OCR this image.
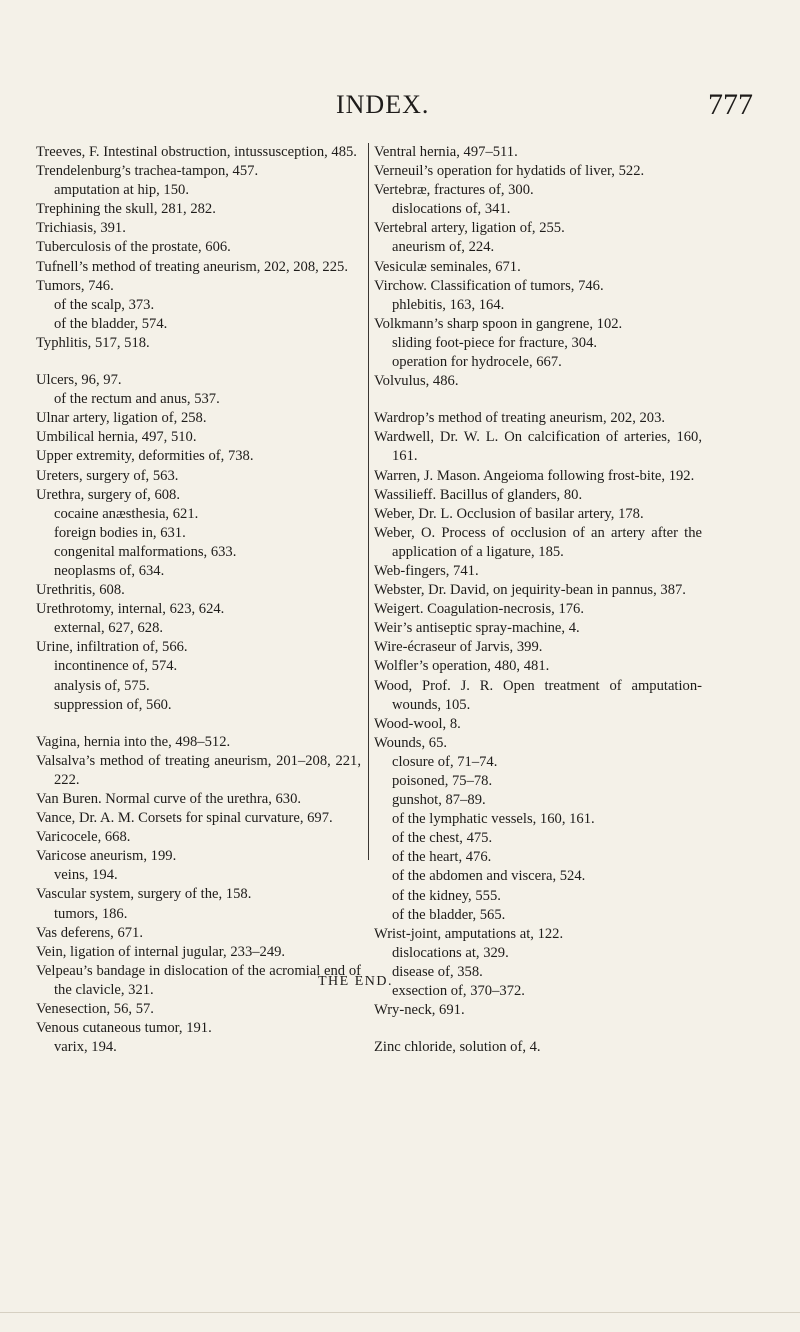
INDEX.	777
Treeves, F. Intestinal obstruction, intussusception, 485.
Trendelenburg’s trachea-tampon, 457.
amputation at hip, 150.
Trephining the skull, 281, 282.
Trichiasis, 391.
Tuberculosis of the prostate, 606.
Tufnell’s method of treating aneurism, 202, 208, 225.
Tumors, 746.
of the scalp, 373.
of the bladder, 574.
Typhlitis, 517, 518.
Ulcers, 96, 97.
of the rectum and anus, 537.
Ulnar artery, ligation of, 258.
Umbilical hernia, 497, 510.
Upper extremity, deformities of, 738.
Ureters, surgery of, 563.
Urethra, surgery of, 608.
cocaine anæsthesia, 621.
foreign bodies in, 631.
congenital malformations, 633.
neoplasms of, 634.
Urethritis, 608.
Urethrotomy, internal, 623, 624.
external, 627, 628.
Urine, infiltration of, 566.
incontinence of, 574.
analysis of, 575.
suppression of, 560.
Vagina, hernia into the, 498–512.
Valsalva’s method of treating aneurism, 201–208, 221, 222.
Van Buren. Normal curve of the urethra, 630.
Vance, Dr. A. M. Corsets for spinal curvature, 697.
Varicocele, 668.
Varicose aneurism, 199.
veins, 194.
Vascular system, surgery of the, 158.
tumors, 186.
Vas deferens, 671.
Vein, ligation of internal jugular, 233–249.
Velpeau’s bandage in dislocation of the acromial end of the clavicle, 321.
Venesection, 56, 57.
Venous cutaneous tumor, 191.
varix, 194.
Ventral hernia, 497–511.
Verneuil’s operation for hydatids of liver, 522.
Vertebræ, fractures of, 300.
dislocations of, 341.
Vertebral artery, ligation of, 255.
aneurism of, 224.
Vesiculæ seminales, 671.
Virchow. Classification of tumors, 746.
phlebitis, 163, 164.
Volkmann’s sharp spoon in gangrene, 102.
sliding foot-piece for fracture, 304.
operation for hydrocele, 667.
Volvulus, 486.
Wardrop’s method of treating aneurism, 202, 203.
Wardwell, Dr. W. L. On calcification of arteries, 160, 161.
Warren, J. Mason. Angeioma following frost-bite, 192.
Wassilieff. Bacillus of glanders, 80.
Weber, Dr. L. Occlusion of basilar artery, 178.
Weber, O. Process of occlusion of an artery after the application of a ligature, 185.
Web-fingers, 741.
Webster, Dr. David, on jequirity-bean in pannus, 387.
Weigert. Coagulation-necrosis, 176.
Weir’s antiseptic spray-machine, 4.
Wire-écraseur of Jarvis, 399.
Wolfler’s operation, 480, 481.
Wood, Prof. J. R. Open treatment of amputation-wounds, 105.
Wood-wool, 8.
Wounds, 65.
closure of, 71–74.
poisoned, 75–78.
gunshot, 87–89.
of the lymphatic vessels, 160, 161.
of the chest, 475.
of the heart, 476.
of the abdomen and viscera, 524.
of the kidney, 555.
of the bladder, 565.
Wrist-joint, amputations at, 122.
dislocations at, 329.
disease of, 358.
exsection of, 370–372.
Wry-neck, 691.
Zinc chloride, solution of, 4.
THE END.
